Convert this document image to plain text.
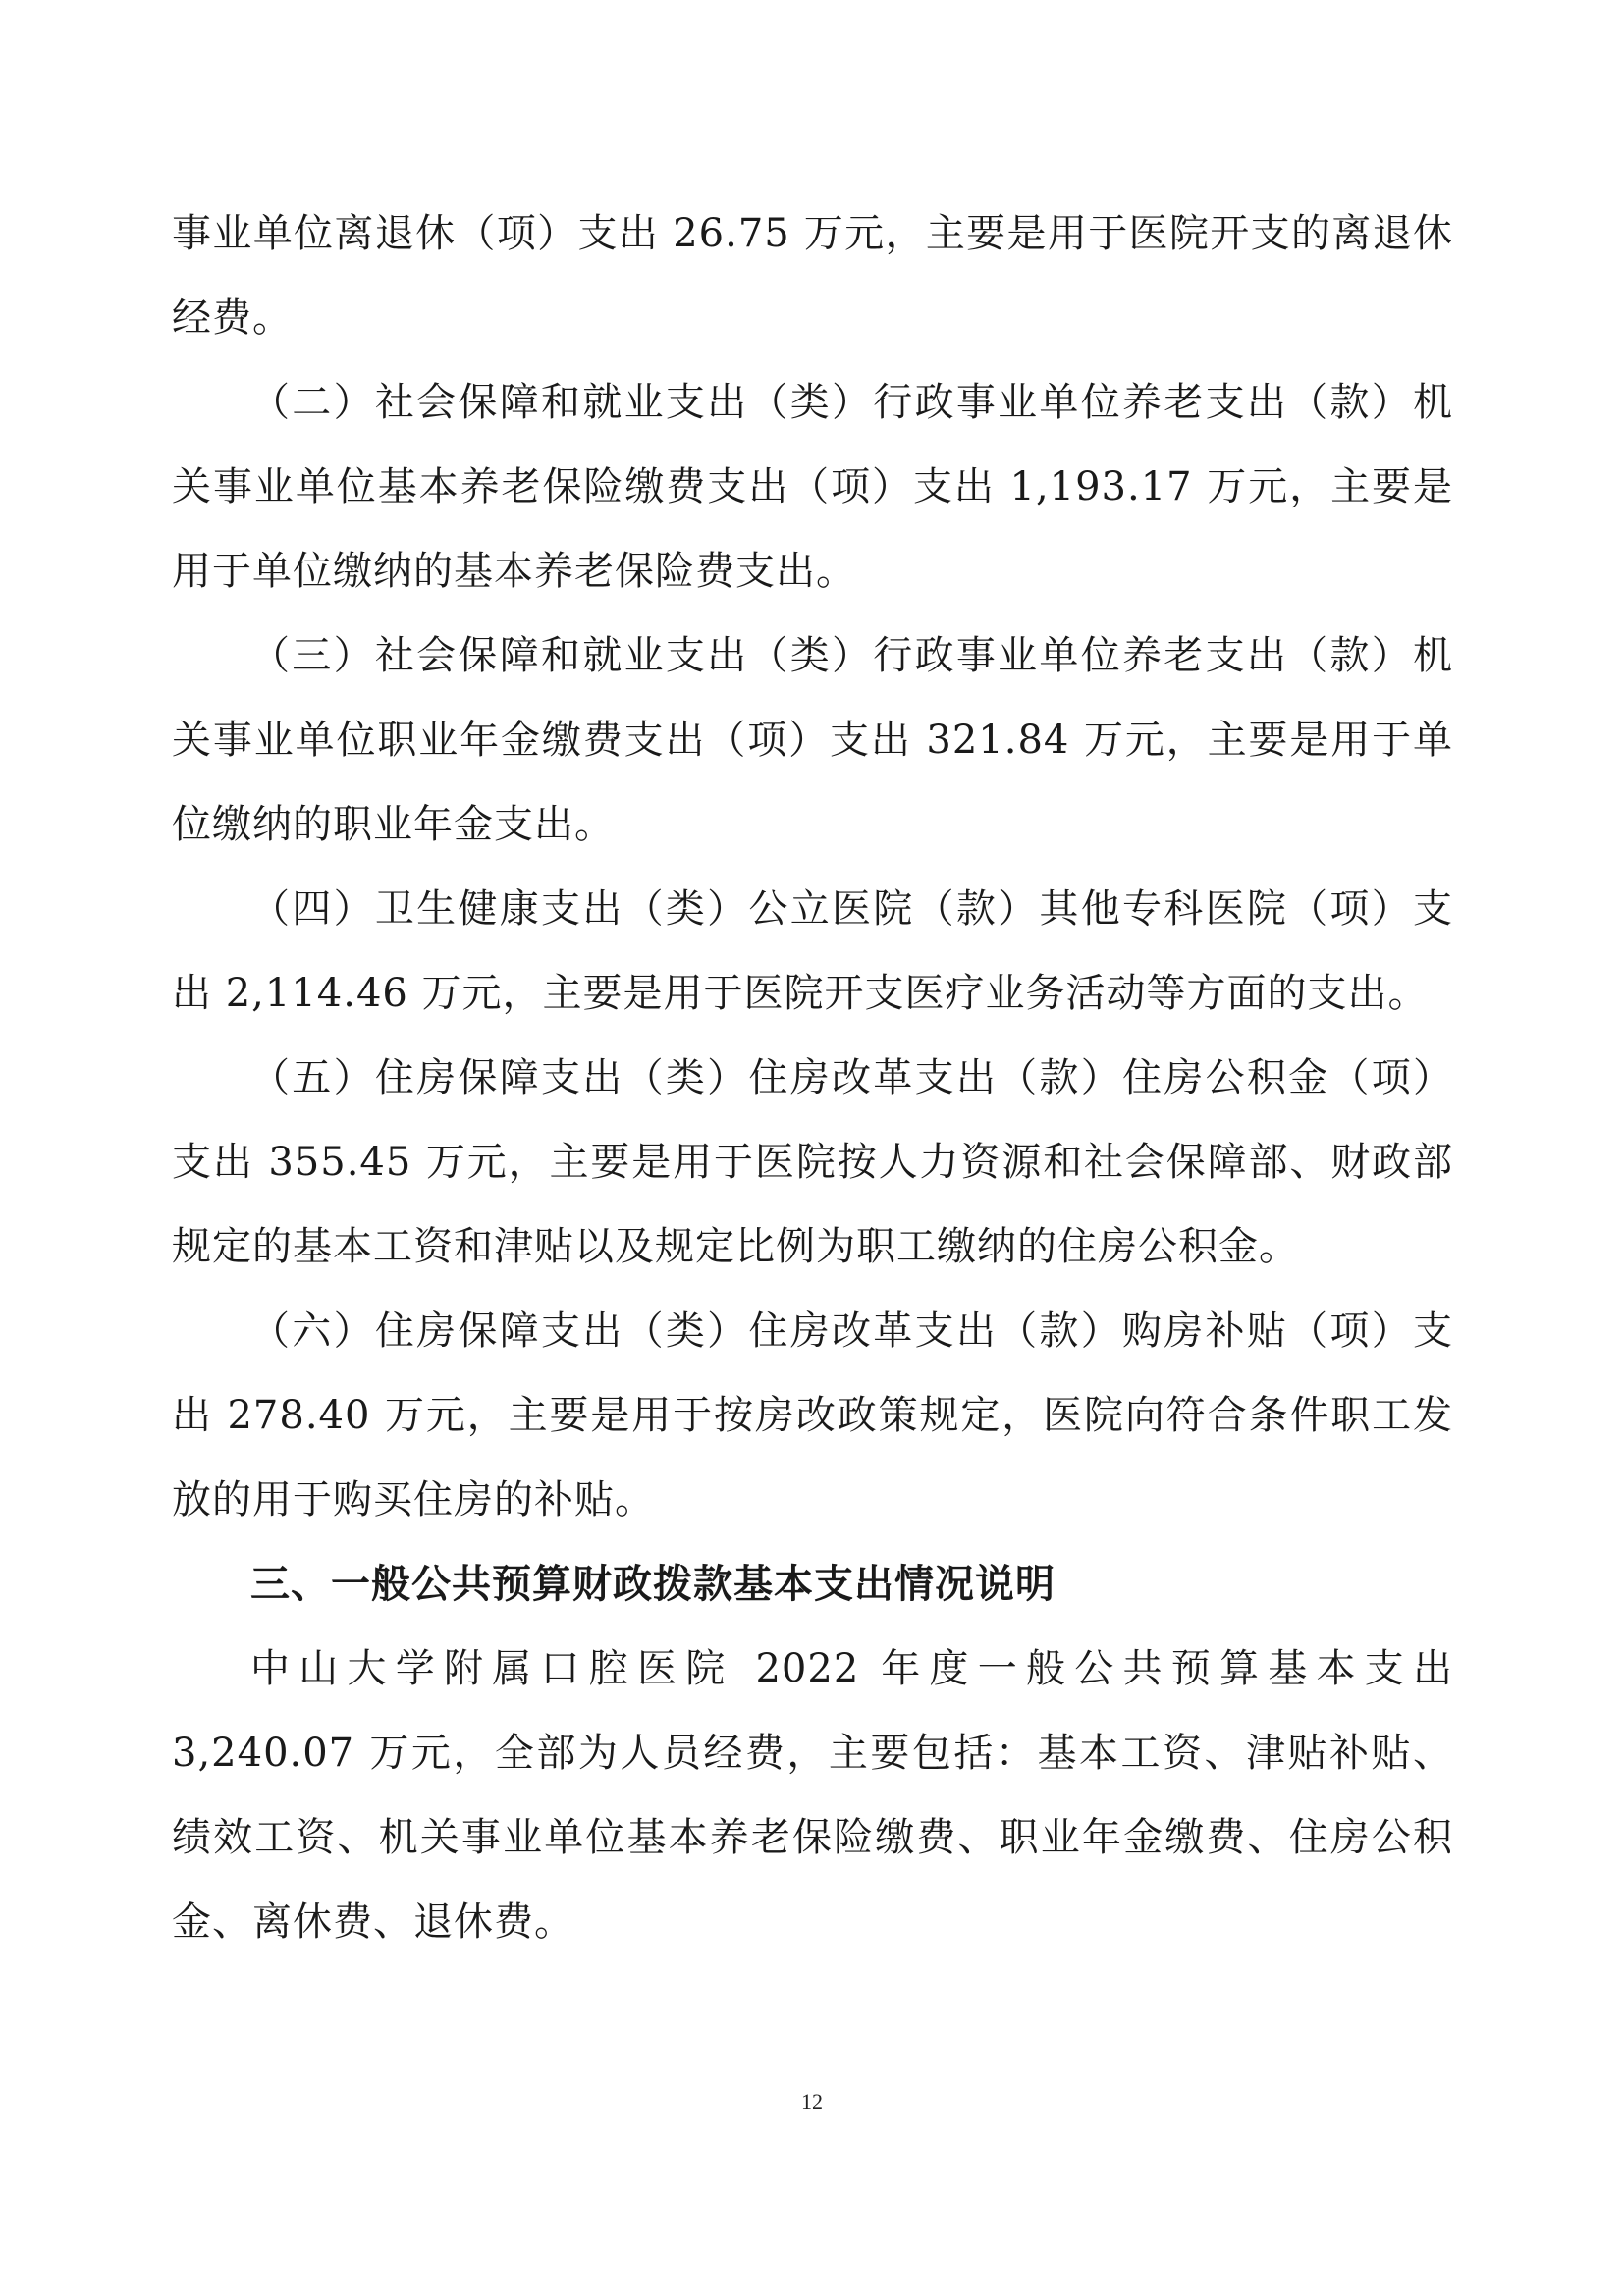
事业单位离退休（项）支出 26.75 万元，主要是用于医院开支的离退休经费。

（二）社会保障和就业支出（类）行政事业单位养老支出（款）机关事业单位基本养老保险缴费支出（项）支出 1,193.17 万元，主要是用于单位缴纳的基本养老保险费支出。

（三）社会保障和就业支出（类）行政事业单位养老支出（款）机关事业单位职业年金缴费支出（项）支出 321.84 万元，主要是用于单位缴纳的职业年金支出。

（四）卫生健康支出（类）公立医院（款）其他专科医院（项）支出 2,114.46 万元，主要是用于医院开支医疗业务活动等方面的支出。

（五）住房保障支出（类）住房改革支出（款）住房公积金（项）支出 355.45 万元，主要是用于医院按人力资源和社会保障部、财政部规定的基本工资和津贴以及规定比例为职工缴纳的住房公积金。

（六）住房保障支出（类）住房改革支出（款）购房补贴（项）支出 278.40 万元，主要是用于按房改政策规定，医院向符合条件职工发放的用于购买住房的补贴。

三、一般公共预算财政拨款基本支出情况说明

中山大学附属口腔医院 2022 年度一般公共预算基本支出 3,240.07 万元，全部为人员经费，主要包括：基本工资、津贴补贴、绩效工资、机关事业单位基本养老保险缴费、职业年金缴费、住房公积金、离休费、退休费。

12
